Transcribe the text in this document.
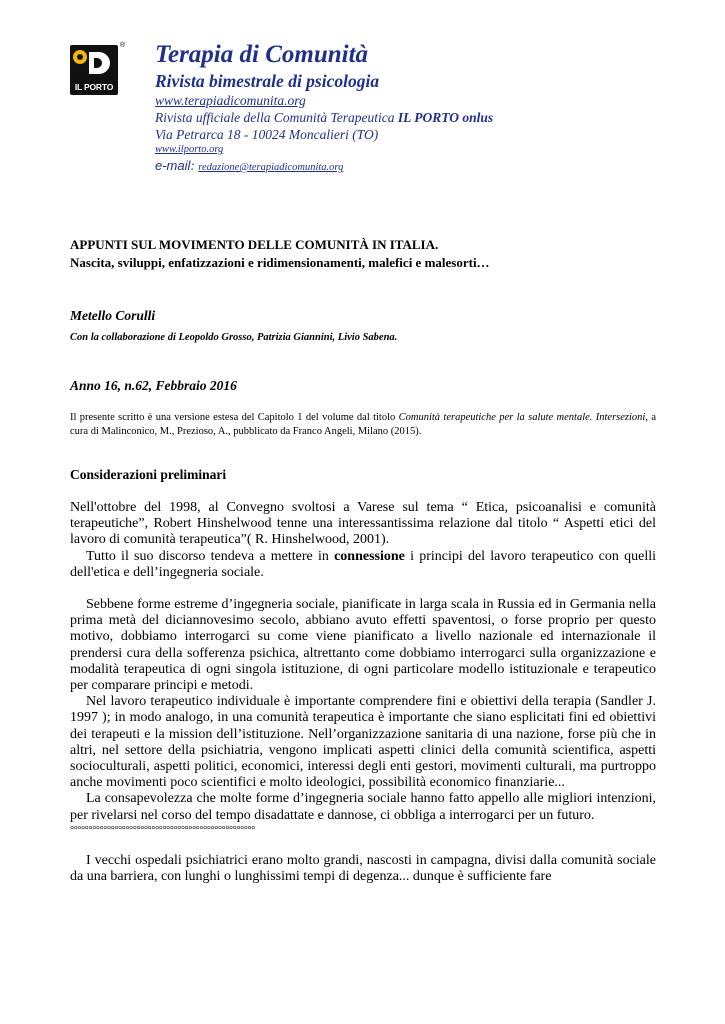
IL PORTO
® Terapia di Comunità
Rivista bimestrale di psicologia
www.terapiadicomunita.org
Rivista ufficiale della Comunità Terapeutica IL PORTO onlus
Via Petrarca 18 - 10024 Moncalieri (TO)
www.ilporto.org
e-mail: redazione@terapiadicomunita.org
APPUNTI SUL MOVIMENTO DELLE COMUNITÀ IN ITALIA.
Nascita, sviluppi, enfatizzazioni e ridimensionamenti, malefici e malesorti…
Metello Corulli
Con la collaborazione di Leopoldo Grosso, Patrizia Giannini, Livio Sabena.
Anno 16, n.62, Febbraio 2016
Il presente scritto è una versione estesa del Capitolo 1 del volume dal titolo Comunità terapeutiche per la salute mentale. Intersezioni, a cura di Malinconico, M., Prezioso, A., pubblicato da Franco Angeli, Milano (2015).
Considerazioni preliminari

Nell'ottobre del 1998, al Convegno svoltosi a Varese sul tema “ Etica, psicoanalisi e comunità terapeutiche”, Robert Hinshelwood tenne una interessantissima relazione dal titolo “ Aspetti etici del lavoro di comunità terapeutica”( R. Hinshelwood, 2001).

Tutto il suo discorso tendeva a mettere in connessione i principi del lavoro terapeutico con quelli dell'etica e dell’ingegneria sociale.

Sebbene forme estreme d’ingegneria sociale, pianificate in larga scala in Russia ed in Germania nella prima metà del diciannovesimo secolo, abbiano avuto effetti spaventosi, o forse proprio per questo motivo, dobbiamo interrogarci su come viene pianificato a livello nazionale ed internazionale il prendersi cura della sofferenza psichica, altrettanto come dobbiamo interrogarci sulla organizzazione e modalità terapeutica di ogni singola istituzione, di ogni particolare modello istituzionale e terapeutico per comparare principi e metodi.

Nel lavoro terapeutico individuale è importante comprendere fini e obiettivi della terapia (Sandler J. 1997 ); in modo analogo, in una comunità terapeutica è importante che siano esplicitati fini ed obiettivi dei terapeuti e la mission dell’istituzione. Nell’organizzazione sanitaria di una nazione, forse più che in altri, nel settore della psichiatria, vengono implicati aspetti clinici della comunità scientifica, aspetti socioculturali, aspetti politici, economici, interessi degli enti gestori, movimenti culturali, ma purtroppo anche movimenti poco scientifici e molto ideologici, possibilità economico finanziarie...

La consapevolezza che molte forme d’ingegneria sociale hanno fatto appello alle migliori intenzioni, per rivelarsi nel corso del tempo disadattate e dannose, ci obbliga a interrogarci per un futuro.

°°°°°°°°°°°°°°°°°°°°°°°°°°°°°°°°°°°°°°°°°°°°°°°°°°

I vecchi ospedali psichiatrici erano molto grandi, nascosti in campagna, divisi dalla comunità sociale da una barriera, con lunghi o lunghissimi tempi di degenza... dunque è sufficiente fare
